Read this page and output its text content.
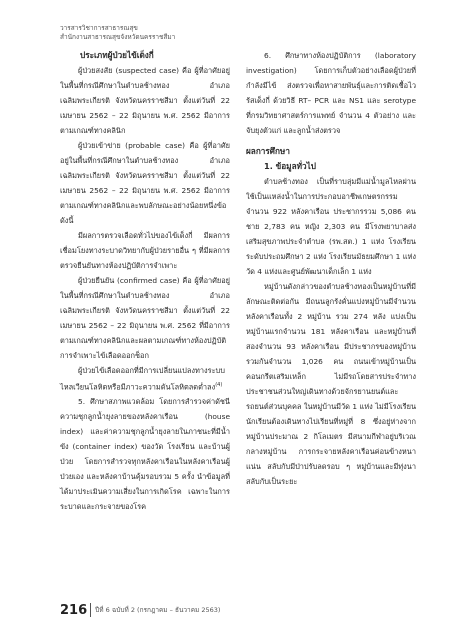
วารสารวิชาการสาธารณสุข
สำนักงานสาธารณสุขจังหวัดนครราชสีมา

ประเภทผู้ป่วยไข้เด็งกี่

ผู้ป่วยสงสัย (suspected case) คือ ผู้ที่อาศัยอยู่ในพื้นที่กรณีศึกษาในตำบลช้างทอง อำเภอเฉลิมพระเกียรติ จังหวัดนครราชสีมา ตั้งแต่วันที่ 22 เมษายน 2562 – 22 มิถุนายน พ.ศ. 2562 มีอาการตามเกณฑ์ทางคลินิก

ผู้ป่วยเข้าข่าย (probable case) คือ ผู้ที่อาศัยอยู่ในพื้นที่กรณีศึกษาในตำบลช้างทอง อำเภอเฉลิมพระเกียรติ จังหวัดนครราชสีมา ตั้งแต่วันที่ 22 เมษายน 2562 – 22 มิถุนายน พ.ศ. 2562 มีอาการตามเกณฑ์ทางคลินิกและพบลักษณะอย่างน้อยหนึ่งข้อ ดังนี้

มีผลการตรวจเลือดทั่วไปของไข้เด็งกี่ มีผลการเชื่อมโยงทางระบาดวิทยากับผู้ป่วยรายอื่น ๆ ที่มีผลการตรวจยืนยันทางห้องปฏิบัติการจำเพาะ

ผู้ป่วยยืนยัน (confirmed case) คือ ผู้ที่อาศัยอยู่ในพื้นที่กรณีศึกษาในตำบลช้างทอง อำเภอเฉลิมพระเกียรติ จังหวัดนครราชสีมา ตั้งแต่วันที่ 22 เมษายน 2562 – 22 มิถุนายน พ.ศ. 2562 ที่มีอาการตามเกณฑ์ทางคลินิกและผลตามเกณฑ์ทางห้องปฏิบัติการจำเพาะไข้เลือดออกช็อก

ผู้ป่วยไข้เลือดออกที่มีการเปลี่ยนแปลงทางระบบไหลเวียนโลหิตหรือมีภาวะความดันโลหิตลดต่ำลง$^{(4)}$

5. ศึกษาสภาพแวดล้อม โดยการสำรวจค่าดัชนีความชุกลูกน้ำยุงลายของหลังคาเรือน (house index) และค่าความชุกลูกน้ำยุงลายในภาชนะที่มีน้ำขัง (container index) ของวัด โรงเรียน และบ้านผู้ป่วย โดยการสำรวจทุกหลังคาเรือนในหลังคาเรือนผู้ป่วยเอง และหลังคาบ้านคุ้มรอบรวม 5 ครั้ง นำข้อมูลที่ได้มาประเมินความเสี่ยงในการเกิดโรค เฉพาะในการระบาดและกระจายของโรค

6. ศึกษาทางห้องปฏิบัติการ (laboratory investigation) โดยการเก็บตัวอย่างเลือดผู้ป่วยที่กำลังมีไข้ ส่งตรวจเพื่อหาสายพันธุ์และการติดเชื้อไวรัสเด็งกี่ ด้วยวิธี RT– PCR และ NS1 และ serotype ที่กรมวิทยาศาสตร์การแพทย์ จำนวน 4 ตัวอย่าง และจับยุงตัวแก่ และลูกน้ำส่งตรวจ

ผลการศึกษา

1. ข้อมูลทั่วไป

ตำบลช้างทอง เป็นที่ราบลุ่มมีแม่น้ำมูลไหลผ่านใช้เป็นแหล่งน้ำในการประกอบอาชีพเกษตรกรรม จำนวน 922 หลังคาเรือน ประชากรรวม 5,086 คน ชาย 2,783 คน หญิง 2,303 คน มีโรงพยาบาลส่งเสริมสุขภาพประจำตำบล (รพ.สต.) 1 แห่ง โรงเรียนระดับประถมศึกษา 2 แห่ง โรงเรียนมัธยมศึกษา 1 แห่ง วัด 4 แห่งและศูนย์พัฒนาเด็กเล็ก 1 แห่ง

หมู่บ้านดังกล่าวของตำบลช้างทองเป็นหมู่บ้านที่มีลักษณะติดต่อกัน มีถนนลูกรังคั่นแบ่งหมู่บ้านมีจำนวนหลังคาเรือนทั้ง 2 หมู่บ้าน รวม 274 หลัง แบ่งเป็น หมู่บ้านแรกจำนวน 181 หลังคาเรือน และหมู่บ้านที่สองจำนวน 93 หลังคาเรือน มีประชากรของหมู่บ้านรวมกันจำนวน 1,026 คน ถนนเข้าหมู่บ้านเป็นคอนกรีตเสริมเหล็ก ไม่มีรถโดยสารประจำทาง ประชาชนส่วนใหญ่เดินทางด้วยจักรยานยนต์และรถยนต์ส่วนบุคคล ในหมู่บ้านมีวัด 1 แห่ง ไม่มีโรงเรียน นักเรียนต้องเดินทางไปเรียนที่หมู่ที่ 8 ซึ่งอยู่ห่างจากหมู่บ้านประมาณ 2 กิโลเมตร มีสนามกีฬาอยู่บริเวณกลางหมู่บ้าน การกระจายหลังคาเรือนค่อนข้างหนาแน่น สลับกับมีป่าปรับลดรอบ ๆ หมู่บ้านและมีทุ่งนาสลับกับเป็นระยะ

216 ปีที่ 6 ฉบับที่ 2 (กรกฎาคม – ธันวาคม 2563)
